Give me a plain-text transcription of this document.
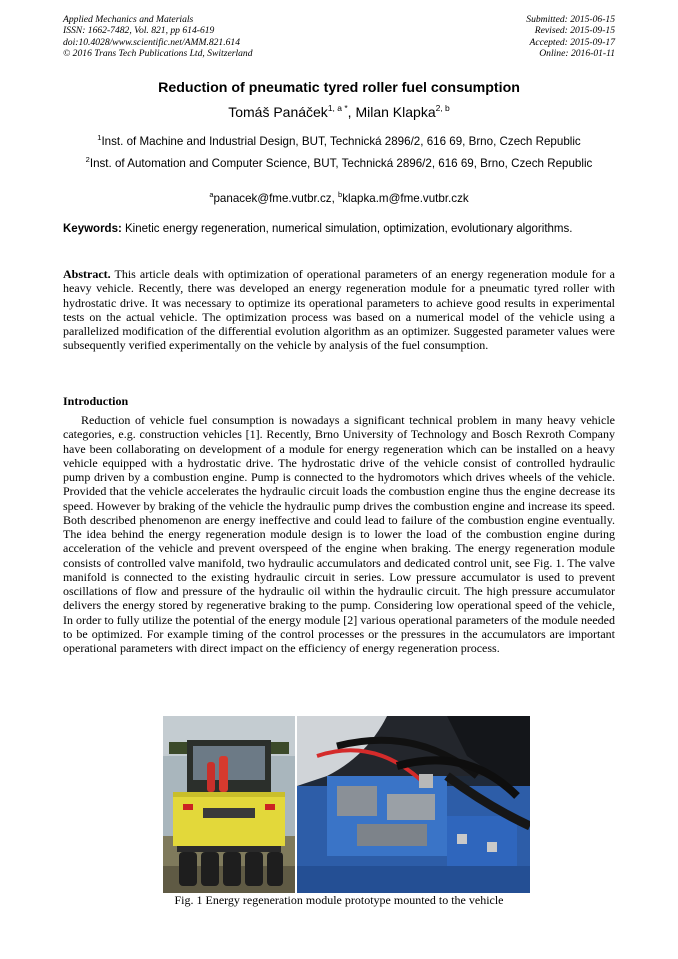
Applied Mechanics and Materials
ISSN: 1662-7482, Vol. 821, pp 614-619
doi:10.4028/www.scientific.net/AMM.821.614
© 2016 Trans Tech Publications Ltd, Switzerland
Submitted: 2015-06-15
Revised: 2015-09-15
Accepted: 2015-09-17
Online: 2016-01-11
Reduction of pneumatic tyred roller fuel consumption
Tomáš Panáček$^{1, a *}$, Milan Klapka$^{2, b}$
$^1$Inst. of Machine and Industrial Design, BUT, Technická 2896/2, 616 69, Brno, Czech Republic
$^2$Inst. of Automation and Computer Science, BUT, Technická 2896/2, 616 69, Brno, Czech Republic
$^a$panacek@fme.vutbr.cz, $^b$klapka.m@fme.vutbr.czk
Keywords: Kinetic energy regeneration, numerical simulation, optimization, evolutionary algorithms.

Abstract. This article deals with optimization of operational parameters of an energy regeneration module for a heavy vehicle. Recently, there was developed an energy regeneration module for a pneumatic tyred roller with hydrostatic drive. It was necessary to optimize its operational parameters to achieve good results in experimental tests on the actual vehicle. The optimization process was based on a numerical model of the vehicle using a parallelized modification of the differential evolution algorithm as an optimizer. Suggested parameter values were subsequently verified experimentally on the vehicle by analysis of the fuel consumption.

Introduction

Reduction of vehicle fuel consumption is nowadays a significant technical problem in many heavy vehicle categories, e.g. construction vehicles [1]. Recently, Brno University of Technology and Bosch Rexroth Company have been collaborating on development of a module for energy regeneration which can be installed on a heavy vehicle equipped with a hydrostatic drive. The hydrostatic drive of the vehicle consist of controlled hydraulic pump driven by a combustion engine. Pump is connected to the hydromotors which drives wheels of the vehicle. Provided that the vehicle accelerates the hydraulic circuit loads the combustion engine thus the engine decrease its speed. However by braking of the vehicle the hydraulic pump drives the combustion engine and increase its speed. Both described phenomenon are energy ineffective and could lead to failure of the combustion engine eventually. The idea behind the energy regeneration module design is to lower the load of the combustion engine during acceleration of the vehicle and prevent overspeed of the engine when braking. The energy regeneration module consists of controlled valve manifold, two hydraulic accumulators and dedicated control unit, see Fig. 1. The valve manifold is connected to the existing hydraulic circuit in series. Low pressure accumulator is used to prevent oscillations of flow and pressure of the hydraulic oil within the hydraulic circuit. The high pressure accumulator delivers the energy stored by regenerative braking to the pump. Considering low operational speed of the vehicle, In order to fully utilize the potential of the energy module [2] various operational parameters of the module needed to be optimized. For example timing of the control processes or the pressures in the accumulators are important operational parameters with direct impact on the efficiency of energy regeneration process.

Fig. 1 Energy regeneration module prototype mounted to the vehicle
